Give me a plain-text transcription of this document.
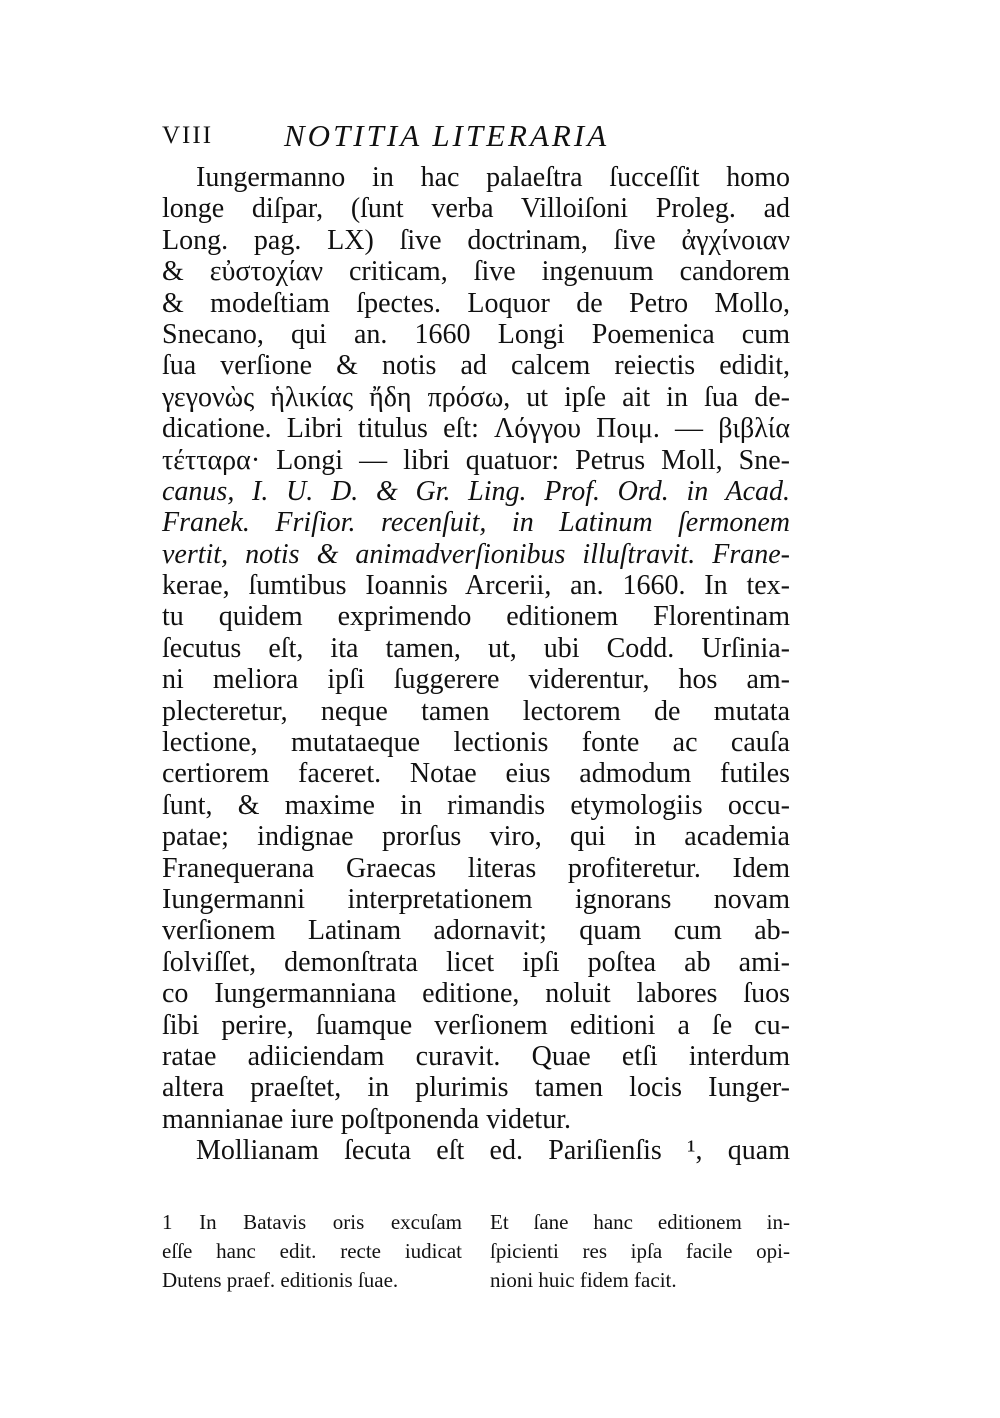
VIII NOTITIA LITERARIA
Iungermanno in hac palaeſtra ſucceſſit homo
longe diſpar, (ſunt verba Villoiſoni Proleg. ad
Long. pag. LX) ſive doctrinam, ſive ἀγχίνοιαν
& εὐστοχίαν criticam, ſive ingenuum candorem
& modeſtiam ſpectes. Loquor de Petro Mollo,
Snecano, qui an. 1660 Longi Poemenica cum
ſua verſione & notis ad calcem reiectis edidit,
γεγονὼς ἡλικίας ἤδη πρόσω, ut ipſe ait in ſua de-
dicatione. Libri titulus eſt: Λόγγου Ποιμ. — βιβλία
τέτταρα· Longi — libri quatuor: Petrus Moll, Sne-
canus, I. U. D. & Gr. Ling. Prof. Ord. in Acad.
Franek. Friſior. recenſuit, in Latinum ſermonem
vertit, notis & animadverſionibus illuſtravit. Frane-
kerae, ſumtibus Ioannis Arcerii, an. 1660. In tex-
tu quidem exprimendo editionem Florentinam
ſecutus eſt, ita tamen, ut, ubi Codd. Urſinia-
ni meliora ipſi ſuggerere viderentur, hos am-
plecteretur, neque tamen lectorem de mutata
lectione, mutataeque lectionis fonte ac cauſa
certiorem faceret. Notae eius admodum futiles
ſunt, & maxime in rimandis etymologiis occu-
patae; indignae prorſus viro, qui in academia
Franequerana Graecas literas profiteretur. Idem
Iungermanni interpretationem ignorans novam
verſionem Latinam adornavit; quam cum ab-
ſolviſſet, demonſtrata licet ipſi poſtea ab ami-
co Iungermanniana editione, noluit labores ſuos
ſibi perire, ſuamque verſionem editioni a ſe cu-
ratae adiiciendam curavit. Quae etſi interdum
altera praeſtet, in plurimis tamen locis Iunger-
mannianae iure poſtponenda videtur.
Mollianam ſecuta eſt ed. Pariſienſis ¹, quam
1 In Batavis oris excuſam
eſſe hanc edit. recte iudicat
Dutens praef. editionis ſuae.
Et ſane hanc editionem in-
ſpicienti res ipſa facile opi-
nioni huic fidem facit.
